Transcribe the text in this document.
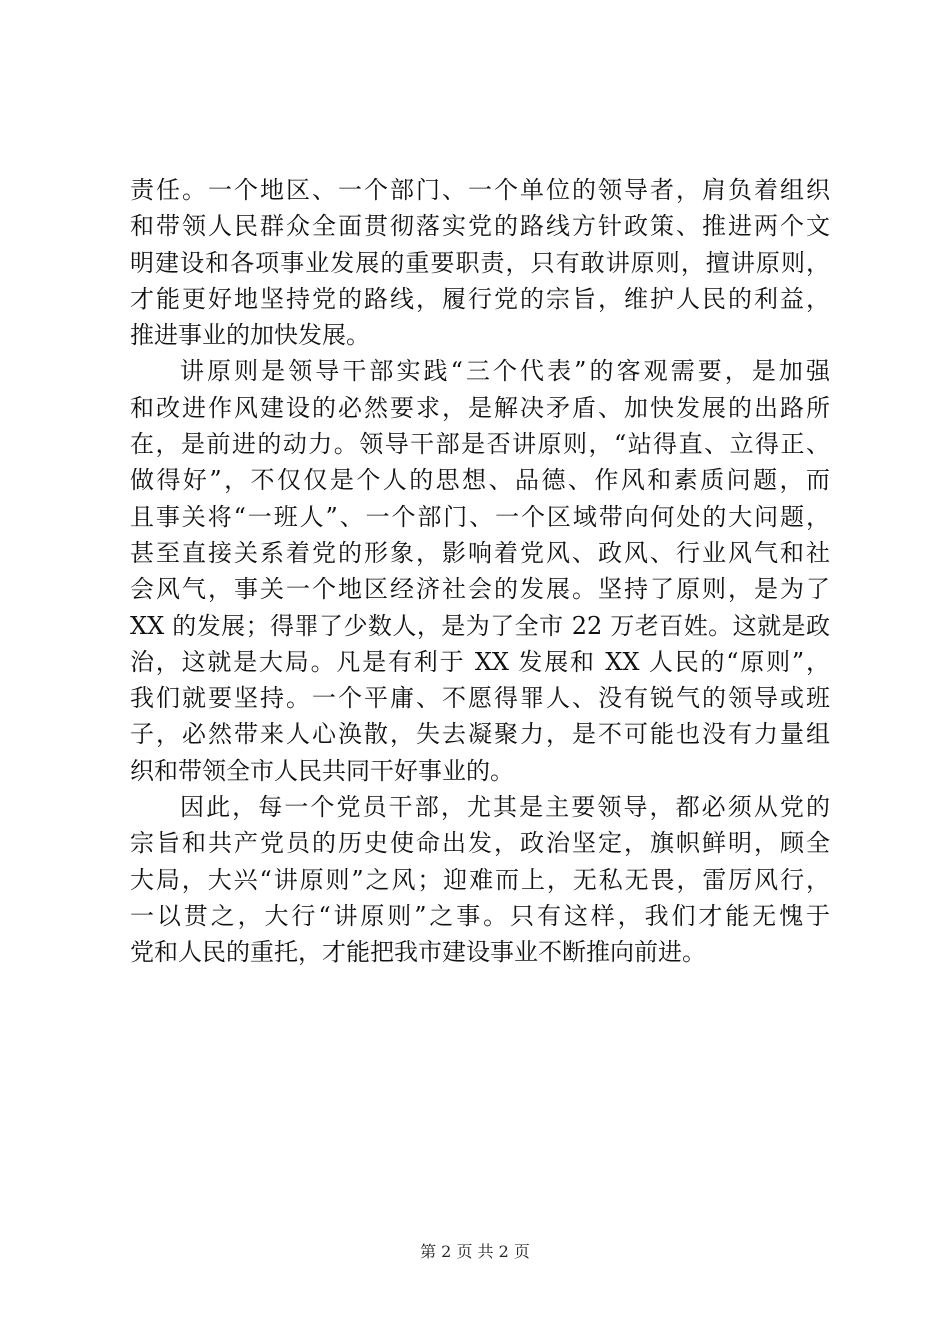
责任。一个地区、一个部门、一个单位的领导者，肩负着组织
和带领人民群众全面贯彻落实党的路线方针政策、推进两个文
明建设和各项事业发展的重要职责，只有敢讲原则，擅讲原则，
才能更好地坚持党的路线，履行党的宗旨，维护人民的利益，
推进事业的加快发展。
讲原则是领导干部实践“三个代表”的客观需要，是加强
和改进作风建设的必然要求，是解决矛盾、加快发展的出路所
在，是前进的动力。领导干部是否讲原则，“站得直、立得正、
做得好”，不仅仅是个人的思想、品德、作风和素质问题，而
且事关将“一班人”、一个部门、一个区域带向何处的大问题，
甚至直接关系着党的形象，影响着党风、政风、行业风气和社
会风气，事关一个地区经济社会的发展。坚持了原则，是为了
XX 的发展；得罪了少数人，是为了全市 22 万老百姓。这就是政
治，这就是大局。凡是有利于 XX 发展和 XX 人民的“原则”，
我们就要坚持。一个平庸、不愿得罪人、没有锐气的领导或班
子，必然带来人心涣散，失去凝聚力，是不可能也没有力量组
织和带领全市人民共同干好事业的。
因此，每一个党员干部，尤其是主要领导，都必须从党的
宗旨和共产党员的历史使命出发，政治坚定，旗帜鲜明，顾全
大局，大兴“讲原则”之风；迎难而上，无私无畏，雷厉风行，
一以贯之，大行“讲原则”之事。只有这样，我们才能无愧于
党和人民的重托，才能把我市建设事业不断推向前进。
第 2 页 共 2 页
